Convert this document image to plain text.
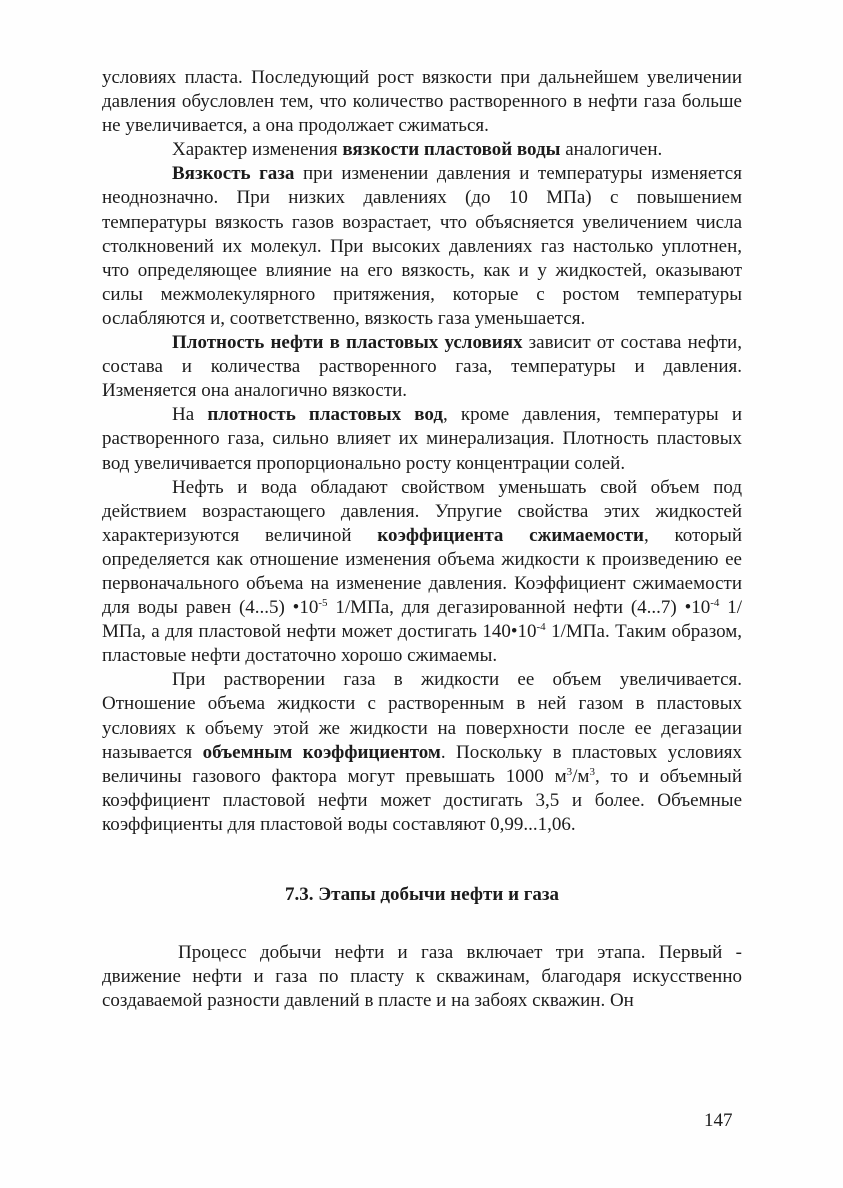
условиях пласта. Последующий рост вязкости при дальнейшем увеличении давления обусловлен тем, что количество растворенного в нефти газа больше не увеличивается, а она продолжает сжиматься.

Характер изменения вязкости пластовой воды аналогичен.

Вязкость газа при изменении давления и температуры изменяется неоднозначно. При низких давлениях (до 10 МПа) с повышением температуры вязкость газов возрастает, что объясняется увеличением числа столкновений их молекул. При высоких давлениях газ настолько уплотнен, что определяющее влияние на его вязкость, как и у жидкостей, оказывают силы межмолекулярного притяжения, которые с ростом температуры ослабляются и, соответственно, вязкость газа уменьшается.

Плотность нефти в пластовых условиях зависит от состава нефти, состава и количества растворенного газа, температуры и давления. Изменяется она аналогично вязкости.

На плотность пластовых вод, кроме давления, температуры и растворенного газа, сильно влияет их минерализация. Плотность пластовых вод увеличивается пропорционально росту концентрации солей.

Нефть и вода обладают свойством уменьшать свой объем под действием возрастающего давления. Упругие свойства этих жидкостей характеризуются величиной коэффициента сжимаемости, который определяется как отношение изменения объема жидкости к произведению ее первоначального объема на изменение давления. Коэффициент сжимаемости для воды равен (4...5) $•10^{-5}$ 1/МПа, для дегазированной нефти (4...7) $•10^{-4}$ 1/МПа, а для пластовой нефти может достигать $140•10^{-4}$ 1/МПа. Таким образом, пластовые нефти достаточно хорошо сжимаемы.

При растворении газа в жидкости ее объем увеличивается. Отношение объема жидкости с растворенным в ней газом в пластовых условиях к объему этой же жидкости на поверхности после ее дегазации называется объемным коэффициентом. Поскольку в пластовых условиях величины газового фактора могут превышать 1000 $м^3/м^3$, то и объемный коэффициент пластовой нефти может достигать 3,5 и более. Объемные коэффициенты для пластовой воды составляют 0,99...1,06.

7.3. Этапы добычи нефти и газа

Процесс добычи нефти и газа включает три этапа. Первый - движение нефти и газа по пласту к скважинам, благодаря искусственно создаваемой разности давлений в пласте и на забоях скважин. Он

147
